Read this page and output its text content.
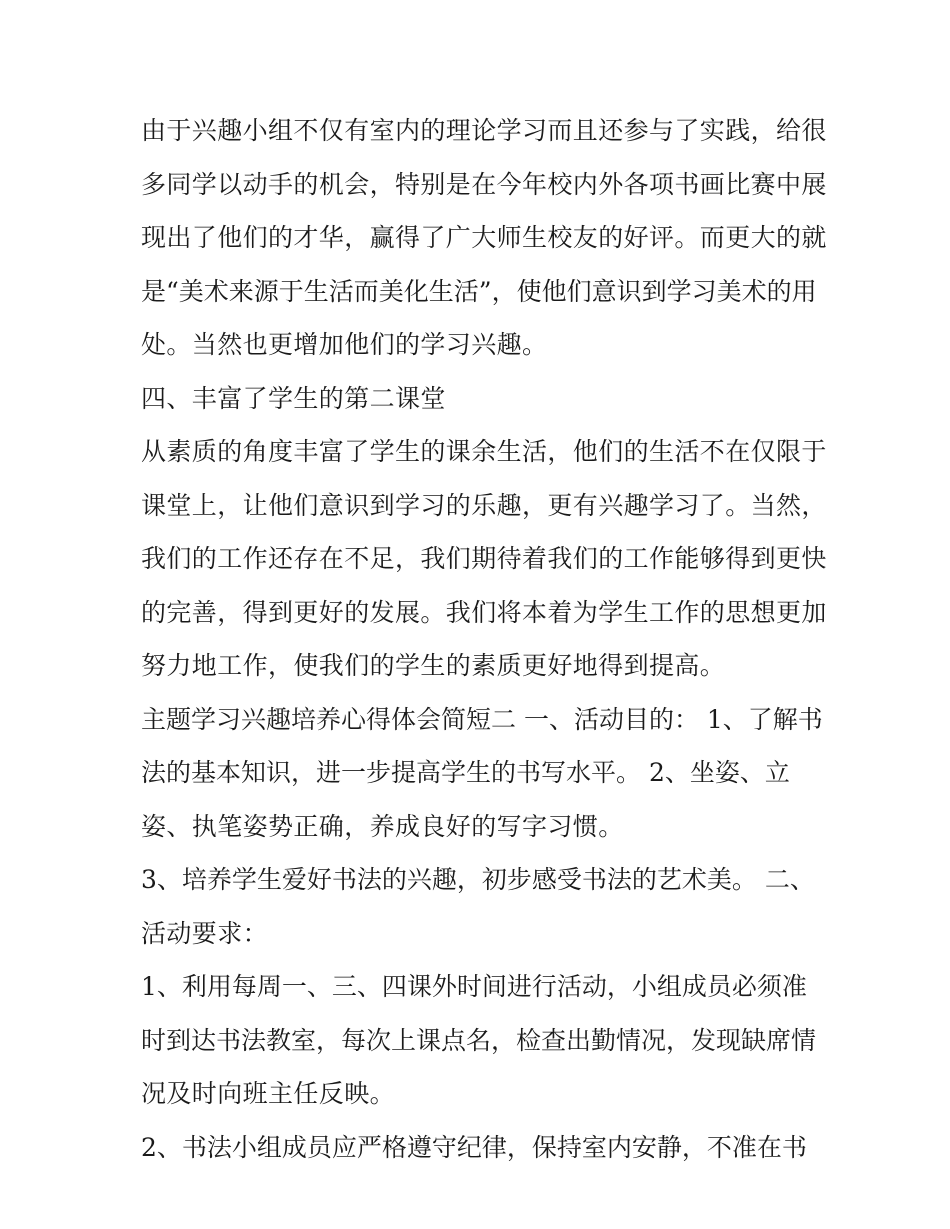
由于兴趣小组不仅有室内的理论学习而且还参与了实践，给很
多同学以动手的机会，特别是在今年校内外各项书画比赛中展
现出了他们的才华，赢得了广大师生校友的好评。而更大的就
是“美术来源于生活而美化生活”，使他们意识到学习美术的用
处。当然也更增加他们的学习兴趣。
四、丰富了学生的第二课堂
从素质的角度丰富了学生的课余生活，他们的生活不在仅限于
课堂上，让他们意识到学习的乐趣，更有兴趣学习了。当然，
我们的工作还存在不足，我们期待着我们的工作能够得到更快
的完善，得到更好的发展。我们将本着为学生工作的思想更加
努力地工作，使我们的学生的素质更好地得到提高。
主题学习兴趣培养心得体会简短二 一、活动目的： 1、了解书
法的基本知识，进一步提高学生的书写水平。 2、坐姿、立
姿、执笔姿势正确，养成良好的写字习惯。
3、培养学生爱好书法的兴趣，初步感受书法的艺术美。 二、
活动要求：
1、利用每周一、三、四课外时间进行活动，小组成员必须准
时到达书法教室，每次上课点名，检查出勤情况，发现缺席情
况及时向班主任反映。
2、书法小组成员应严格遵守纪律，保持室内安静，不准在书
